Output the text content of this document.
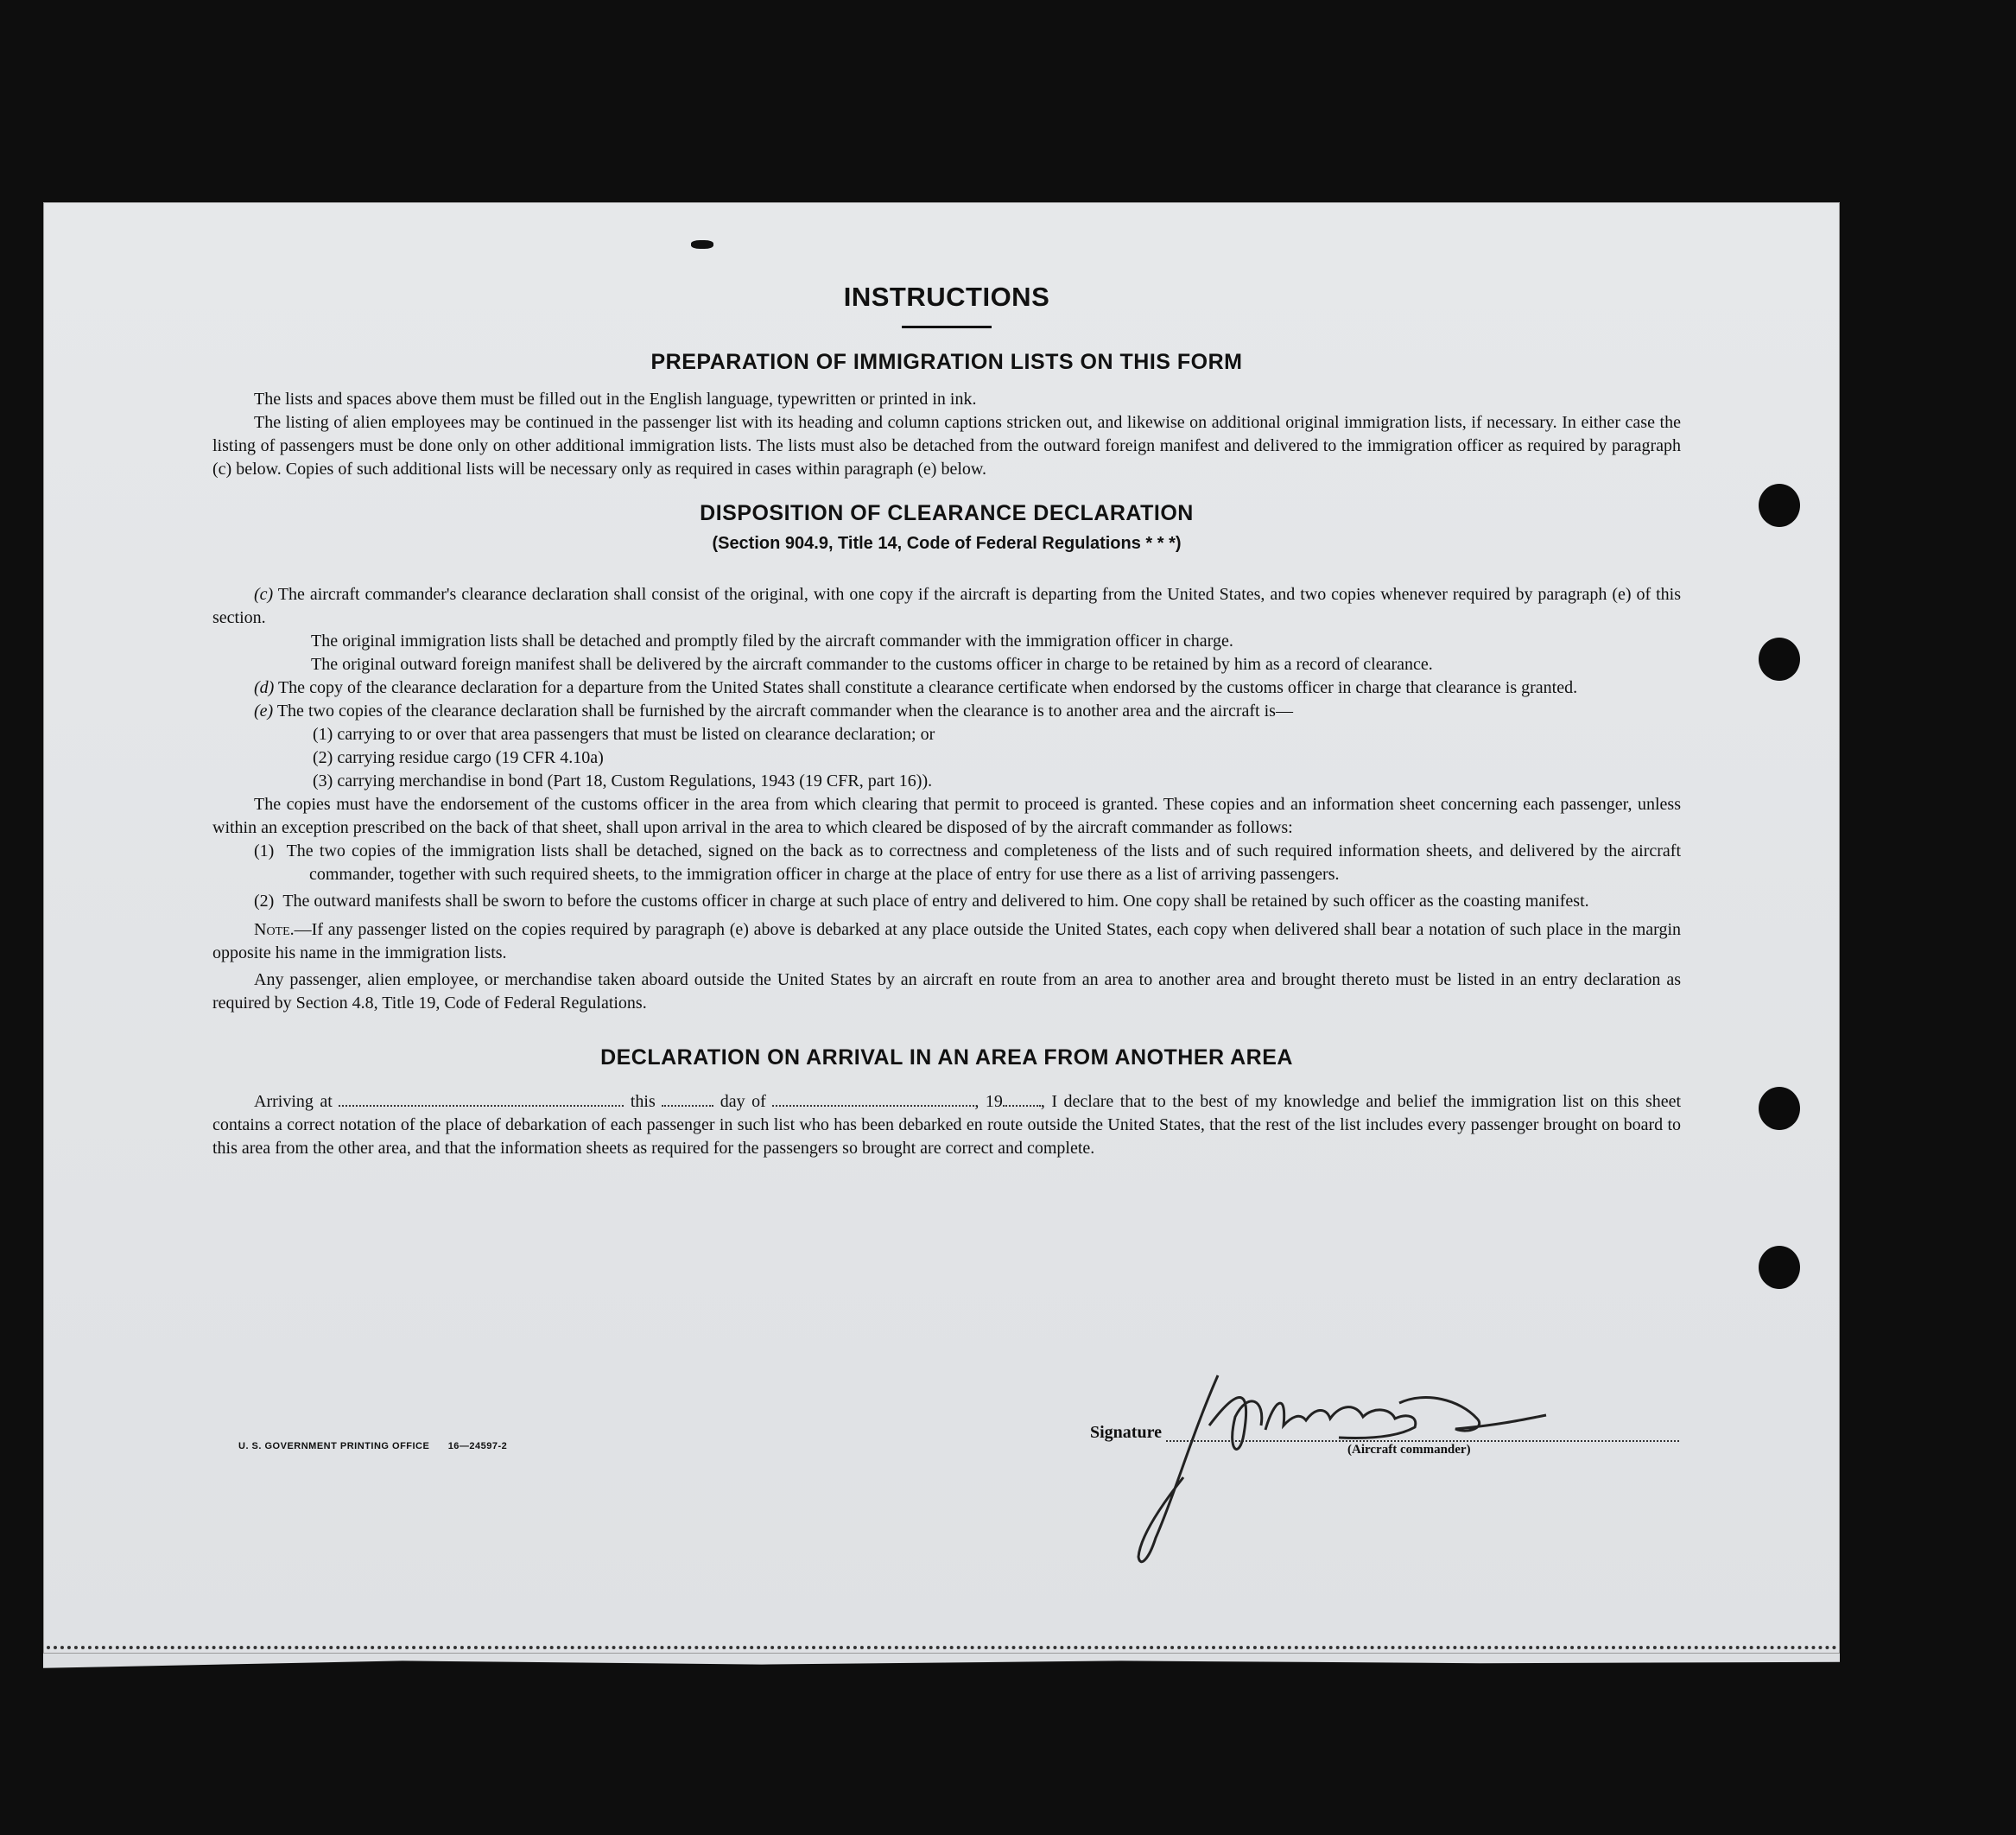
INSTRUCTIONS
PREPARATION OF IMMIGRATION LISTS ON THIS FORM

The lists and spaces above them must be filled out in the English language, typewritten or printed in ink.

The listing of alien employees may be continued in the passenger list with its heading and column captions stricken out, and likewise on additional original immigration lists, if necessary. In either case the listing of passengers must be done only on other additional immigration lists. The lists must also be detached from the outward foreign manifest and delivered to the immigration officer as required by paragraph (c) below. Copies of such additional lists will be necessary only as required in cases within paragraph (e) below.

DISPOSITION OF CLEARANCE DECLARATION
(Section 904.9, Title 14, Code of Federal Regulations * * *)

(c) The aircraft commander's clearance declaration shall consist of the original, with one copy if the aircraft is departing from the United States, and two copies whenever required by paragraph (e) of this section.

The original immigration lists shall be detached and promptly filed by the aircraft commander with the immigration officer in charge.

The original outward foreign manifest shall be delivered by the aircraft commander to the customs officer in charge to be retained by him as a record of clearance.

(d) The copy of the clearance declaration for a departure from the United States shall constitute a clearance certificate when endorsed by the customs officer in charge that clearance is granted.

(e) The two copies of the clearance declaration shall be furnished by the aircraft commander when the clearance is to another area and the aircraft is—

(1) carrying to or over that area passengers that must be listed on clearance declaration; or

(2) carrying residue cargo (19 CFR 4.10a)

(3) carrying merchandise in bond (Part 18, Custom Regulations, 1943 (19 CFR, part 16)).

The copies must have the endorsement of the customs officer in the area from which clearing that permit to proceed is granted. These copies and an information sheet concerning each passenger, unless within an exception prescribed on the back of that sheet, shall upon arrival in the area to which cleared be disposed of by the aircraft commander as follows:

(1) The two copies of the immigration lists shall be detached, signed on the back as to correctness and completeness of the lists and of such required information sheets, and delivered by the aircraft commander, together with such required sheets, to the immigration officer in charge at the place of entry for use there as a list of arriving passengers.

(2) The outward manifests shall be sworn to before the customs officer in charge at such place of entry and delivered to him. One copy shall be retained by such officer as the coasting manifest.

Note.—If any passenger listed on the copies required by paragraph (e) above is debarked at any place outside the United States, each copy when delivered shall bear a notation of such place in the margin opposite his name in the immigration lists.

Any passenger, alien employee, or merchandise taken aboard outside the United States by an aircraft en route from an area to another area and brought thereto must be listed in an entry declaration as required by Section 4.8, Title 19, Code of Federal Regulations.

DECLARATION ON ARRIVAL IN AN AREA FROM ANOTHER AREA

Arriving at	this	day of	, 19 , I declare that to the best of my knowledge and belief the immigration list on this sheet contains a correct notation of the place of debarkation of each passenger in such list who has been debarked en route outside the United States, that the rest of the list includes every passenger brought on board to this area from the other area, and that the information sheets as required for the passengers so brought are correct and complete.

U. S. GOVERNMENT PRINTING OFFICE 16—24597-2
Signature
(Aircraft commander)
